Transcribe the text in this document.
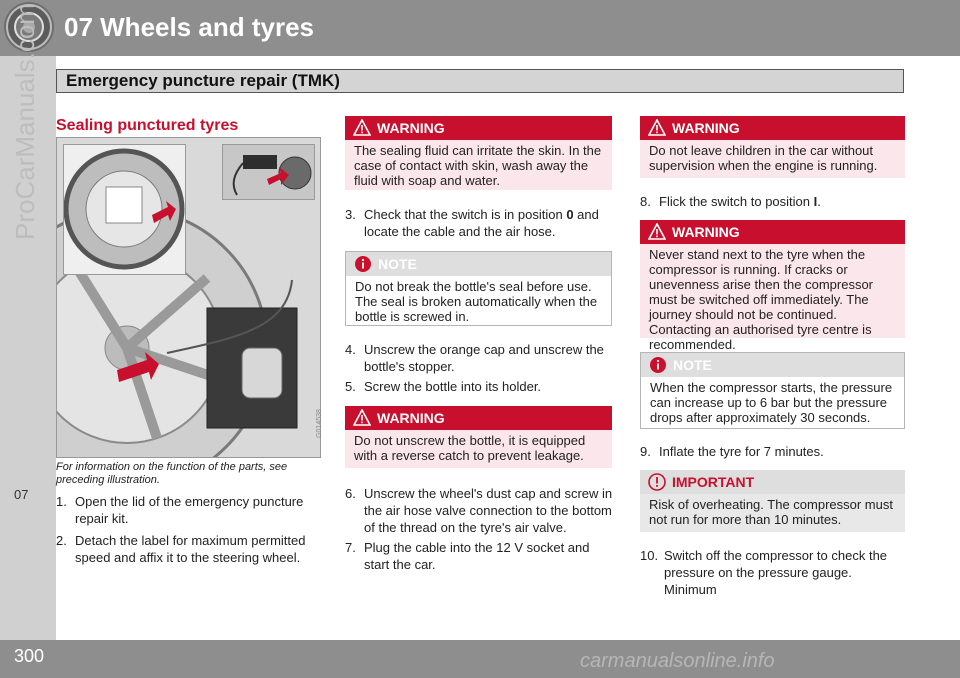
07 Wheels and tyres
ProCarManuals.com
07
Emergency puncture repair (TMK)
Sealing punctured tyres
G014538
For information on the function of the parts, see preceding illustration.
1. Open the lid of the emergency puncture repair kit.
2. Detach the label for maximum permitted speed and affix it to the steering wheel.
WARNING
The sealing fluid can irritate the skin. In the case of contact with skin, wash away the fluid with soap and water.
3. Check that the switch is in position 0 and locate the cable and the air hose.
NOTE
Do not break the bottle's seal before use. The seal is broken automatically when the bottle is screwed in.
4. Unscrew the orange cap and unscrew the bottle's stopper.
5. Screw the bottle into its holder.
WARNING
Do not unscrew the bottle, it is equipped with a reverse catch to prevent leakage.
6. Unscrew the wheel's dust cap and screw in the air hose valve connection to the bottom of the thread on the tyre's air valve.
7. Plug the cable into the 12 V socket and start the car.
WARNING
Do not leave children in the car without supervision when the engine is running.
8. Flick the switch to position I.
WARNING
Never stand next to the tyre when the compressor is running. If cracks or unevenness arise then the compressor must be switched off immediately. The journey should not be continued. Contacting an authorised tyre centre is recommended.
NOTE
When the compressor starts, the pressure can increase up to 6 bar but the pressure drops after approximately 30 seconds.
9. Inflate the tyre for 7 minutes.
IMPORTANT
Risk of overheating. The compressor must not run for more than 10 minutes.
10. Switch off the compressor to check the pressure on the pressure gauge. Minimum
300	carmanualsonline.info
